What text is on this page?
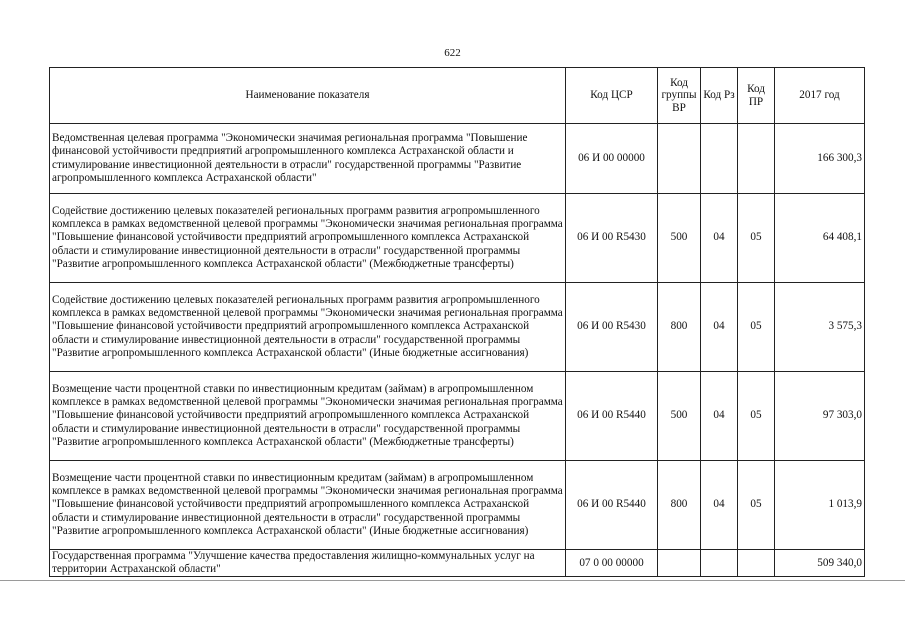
622
Наименование показателя	Код ЦСР	Код группы ВР	Код Рз	Код ПР	2017 год
Ведомственная целевая программа "Экономически значимая региональная программа "Повышение финансовой устойчивости предприятий агропромышленного комплекса Астраханской области и стимулирование инвестиционной деятельности в отрасли" государственной программы "Развитие агропромышленного комплекса Астраханской области"	06 И 00 00000				166 300,3
Содействие достижению целевых показателей региональных программ развития агропромышленного комплекса в рамках ведомственной целевой программы "Экономически значимая региональная программа "Повышение финансовой устойчивости предприятий агропромышленного комплекса Астраханской области и стимулирование инвестиционной деятельности в отрасли" государственной программы "Развитие агропромышленного комплекса Астраханской области" (Межбюджетные трансферты)	06 И 00 R5430	500	04	05	64 408,1
Содействие достижению целевых показателей региональных программ развития агропромышленного комплекса в рамках ведомственной целевой программы "Экономически значимая региональная программа "Повышение финансовой устойчивости предприятий агропромышленного комплекса Астраханской области и стимулирование инвестиционной деятельности в отрасли" государственной программы "Развитие агропромышленного комплекса Астраханской области" (Иные бюджетные ассигнования)	06 И 00 R5430	800	04	05	3 575,3
Возмещение части процентной ставки по инвестиционным кредитам (займам) в агропромышленном комплексе в рамках ведомственной целевой программы "Экономически значимая региональная программа "Повышение финансовой устойчивости предприятий агропромышленного комплекса Астраханской области и стимулирование инвестиционной деятельности в отрасли" государственной программы "Развитие агропромышленного комплекса Астраханской области" (Межбюджетные трансферты)	06 И 00 R5440	500	04	05	97 303,0
Возмещение части процентной ставки по инвестиционным кредитам (займам) в агропромышленном комплексе в рамках ведомственной целевой программы "Экономически значимая региональная программа "Повышение финансовой устойчивости предприятий агропромышленного комплекса Астраханской области и стимулирование инвестиционной деятельности в отрасли" государственной программы "Развитие агропромышленного комплекса Астраханской области" (Иные бюджетные ассигнования)	06 И 00 R5440	800	04	05	1 013,9
Государственная программа "Улучшение качества предоставления жилищно-коммунальных услуг на территории Астраханской области"	07 0 00 00000				509 340,0
